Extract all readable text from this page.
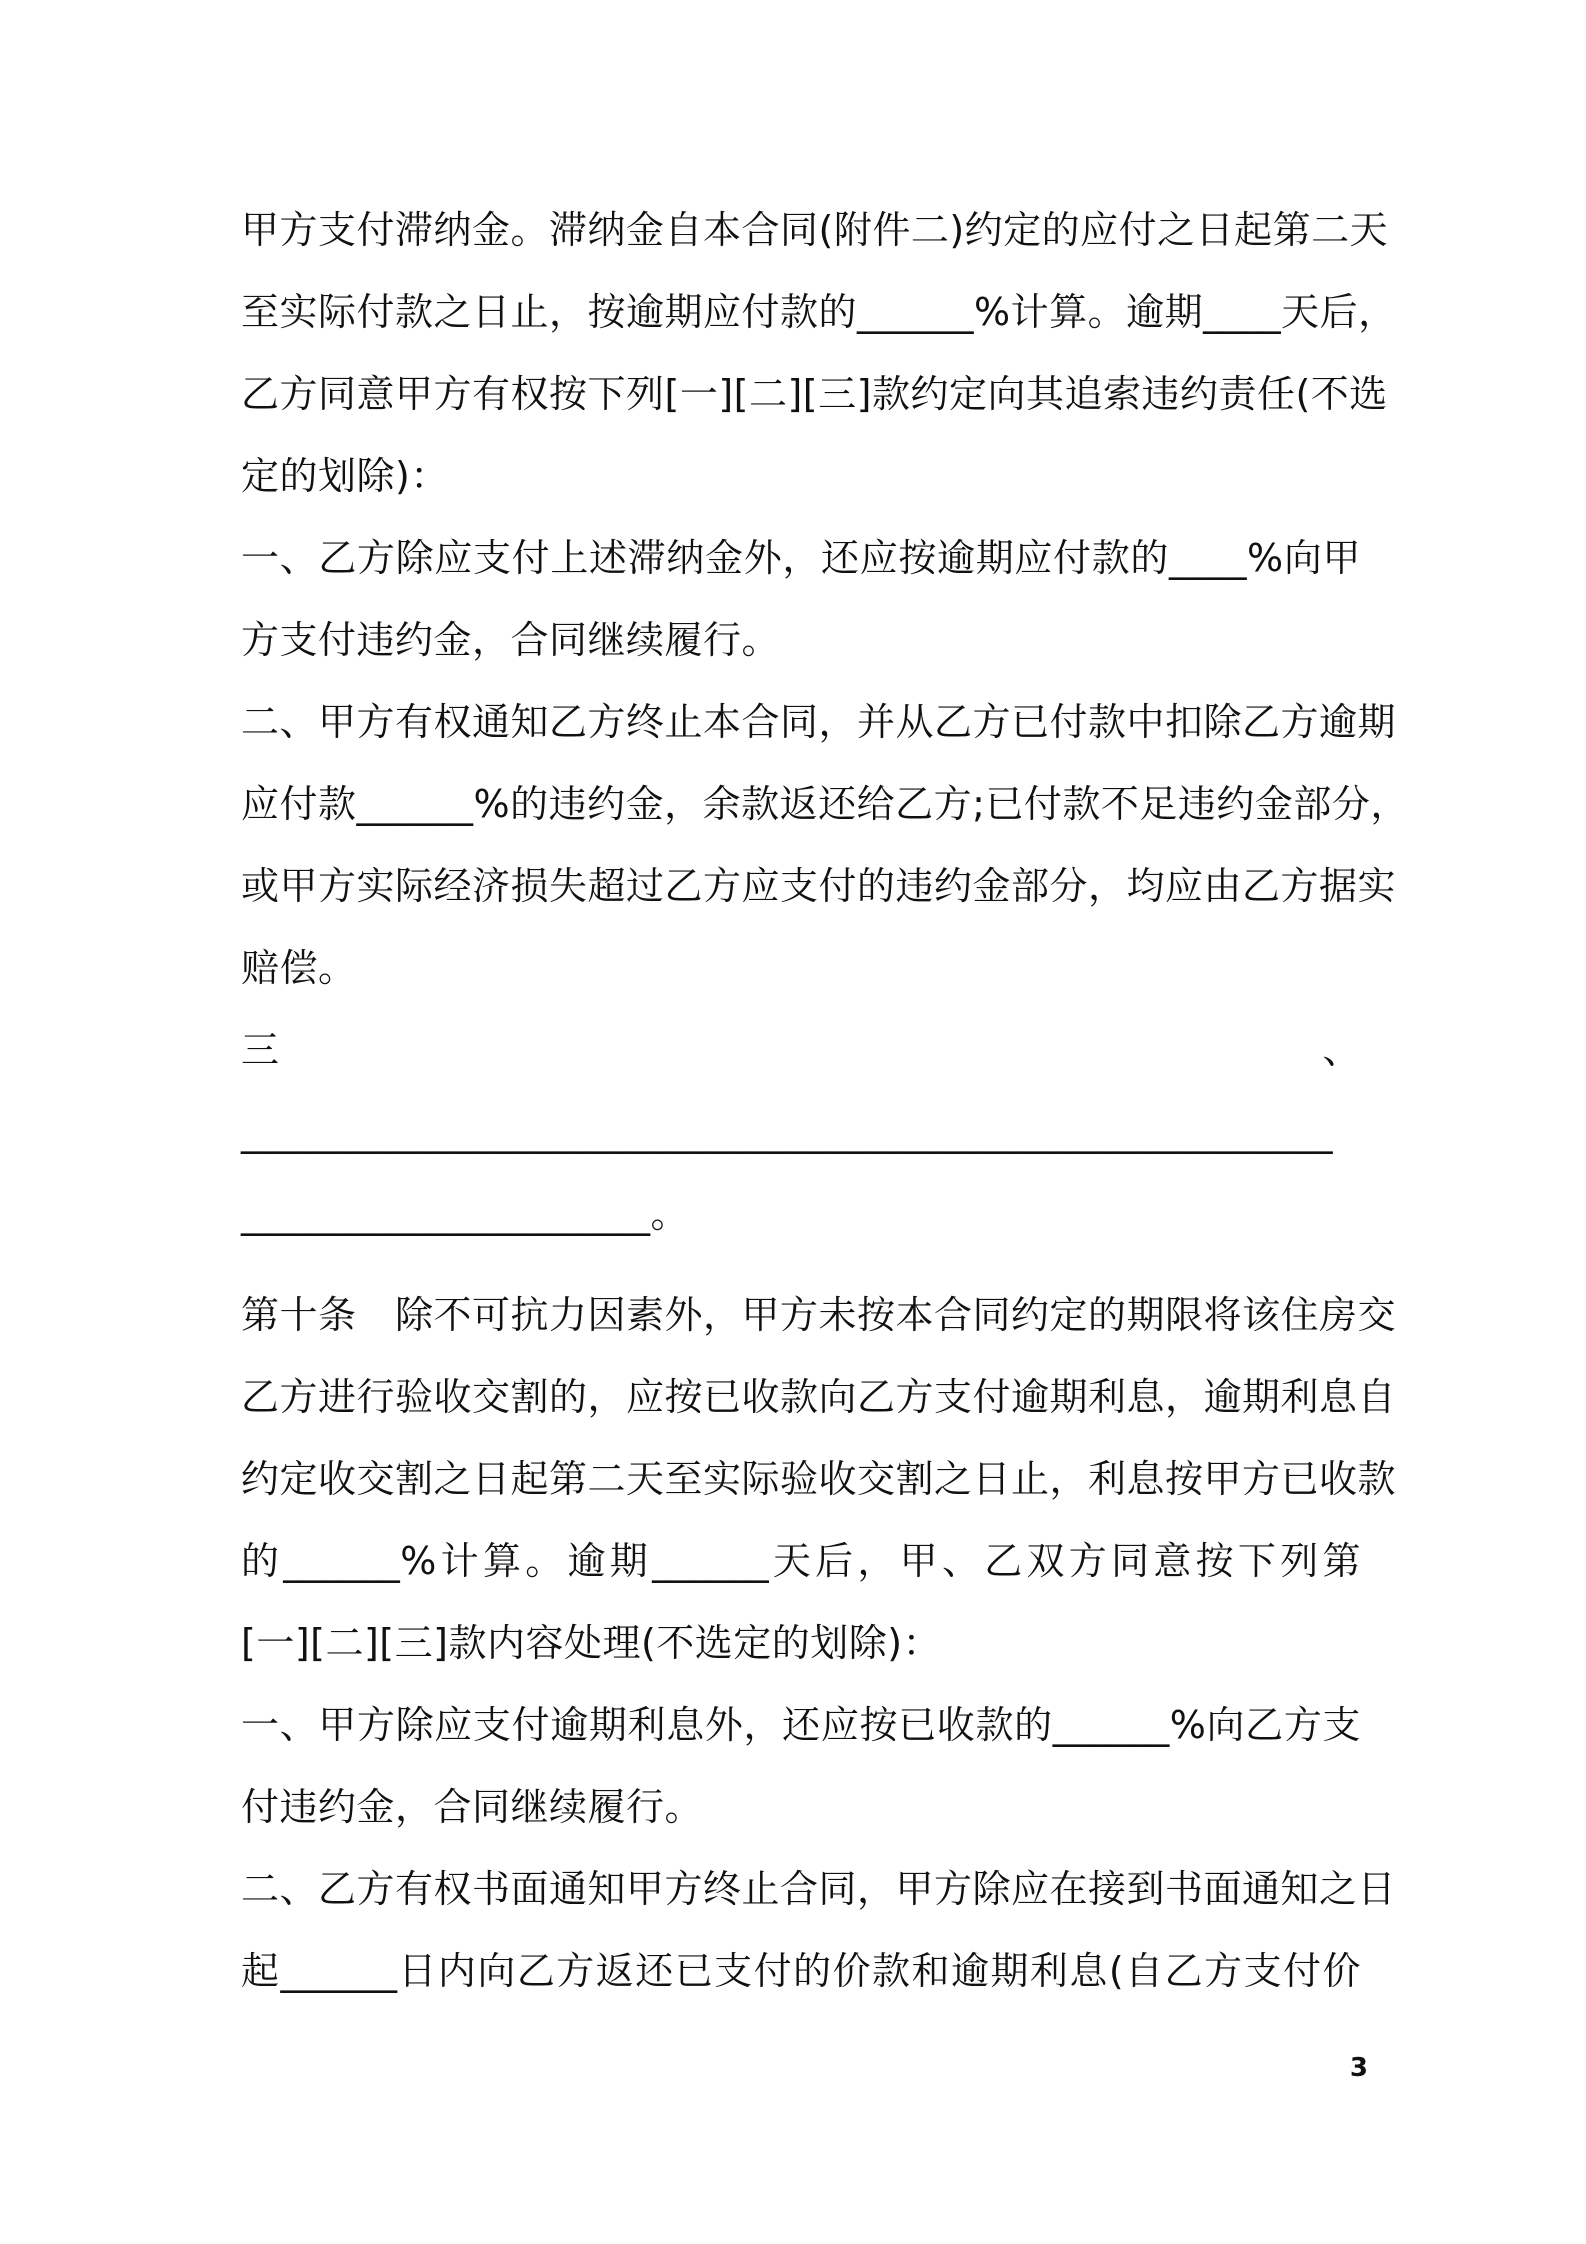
甲方支付滞纳金。滞纳金自本合同(附件二)约定的应付之日起第二天
至实际付款之日止，按逾期应付款的______%计算。逾期____天后，
乙方同意甲方有权按下列[一][二][三]款约定向其追索违约责任(不选
定的划除)：
一、乙方除应支付上述滞纳金外，还应按逾期应付款的____%向甲
方支付违约金，合同继续履行。
二、甲方有权通知乙方终止本合同，并从乙方已付款中扣除乙方逾期
应付款______%的违约金，余款返还给乙方;已付款不足违约金部分，
或甲方实际经济损失超过乙方应支付的违约金部分，均应由乙方据实
赔偿。
三	、
________________________________________________________
_____________________。
第十条　除不可抗力因素外，甲方未按本合同约定的期限将该住房交
乙方进行验收交割的，应按已收款向乙方支付逾期利息，逾期利息自
约定收交割之日起第二天至实际验收交割之日止，利息按甲方已收款
的______%计算。逾期______天后，甲、乙双方同意按下列第
[一][二][三]款内容处理(不选定的划除)：
一、甲方除应支付逾期利息外，还应按已收款的______%向乙方支
付违约金，合同继续履行。
二、乙方有权书面通知甲方终止合同，甲方除应在接到书面通知之日
起______日内向乙方返还已支付的价款和逾期利息(自乙方支付价
3
